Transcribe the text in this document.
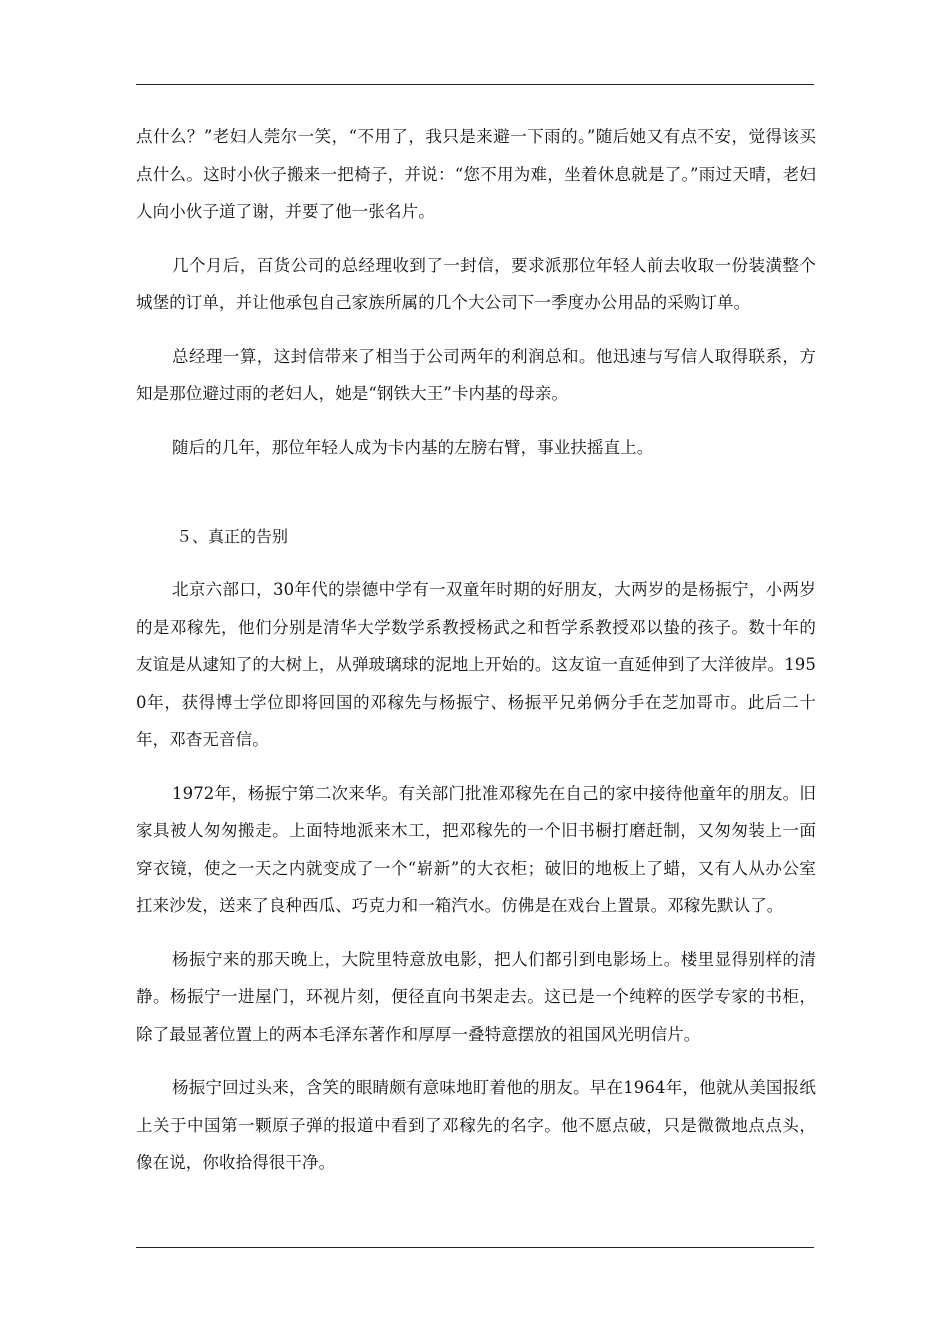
点什么？”老妇人莞尔一笑，“不用了，我只是来避一下雨的。”随后她又有点不安，觉得该买点什么。这时小伙子搬来一把椅子，并说：“您不用为难，坐着休息就是了。”雨过天晴，老妇人向小伙子道了谢，并要了他一张名片。

几个月后，百货公司的总经理收到了一封信，要求派那位年轻人前去收取一份装潢整个城堡的订单，并让他承包自己家族所属的几个大公司下一季度办公用品的采购订单。

总经理一算，这封信带来了相当于公司两年的利润总和。他迅速与写信人取得联系，方知是那位避过雨的老妇人，她是“钢铁大王”卡内基的母亲。

随后的几年，那位年轻人成为卡内基的左膀右臂，事业扶摇直上。

５、真正的告别

北京六部口，30年代的崇德中学有一双童年时期的好朋友，大两岁的是杨振宁，小两岁的是邓稼先，他们分别是清华大学数学系教授杨武之和哲学系教授邓以蛰的孩子。数十年的友谊是从逮知了的大树上，从弹玻璃球的泥地上开始的。这友谊一直延伸到了大洋彼岸。1950年，获得博士学位即将回国的邓稼先与杨振宁、杨振平兄弟俩分手在芝加哥市。此后二十年，邓杳无音信。

1972年，杨振宁第二次来华。有关部门批准邓稼先在自己的家中接待他童年的朋友。旧家具被人匆匆搬走。上面特地派来木工，把邓稼先的一个旧书橱打磨赶制，又匆匆装上一面穿衣镜，使之一天之内就变成了一个“崭新”的大衣柜；破旧的地板上了蜡，又有人从办公室扛来沙发，送来了良种西瓜、巧克力和一箱汽水。仿佛是在戏台上置景。邓稼先默认了。

杨振宁来的那天晚上，大院里特意放电影，把人们都引到电影场上。楼里显得别样的清静。杨振宁一进屋门，环视片刻，便径直向书架走去。这已是一个纯粹的医学专家的书柜，除了最显著位置上的两本毛泽东著作和厚厚一叠特意摆放的祖国风光明信片。

杨振宁回过头来，含笑的眼睛颇有意味地盯着他的朋友。早在1964年，他就从美国报纸上关于中国第一颗原子弹的报道中看到了邓稼先的名字。他不愿点破，只是微微地点点头，像在说，你收拾得很干净。
